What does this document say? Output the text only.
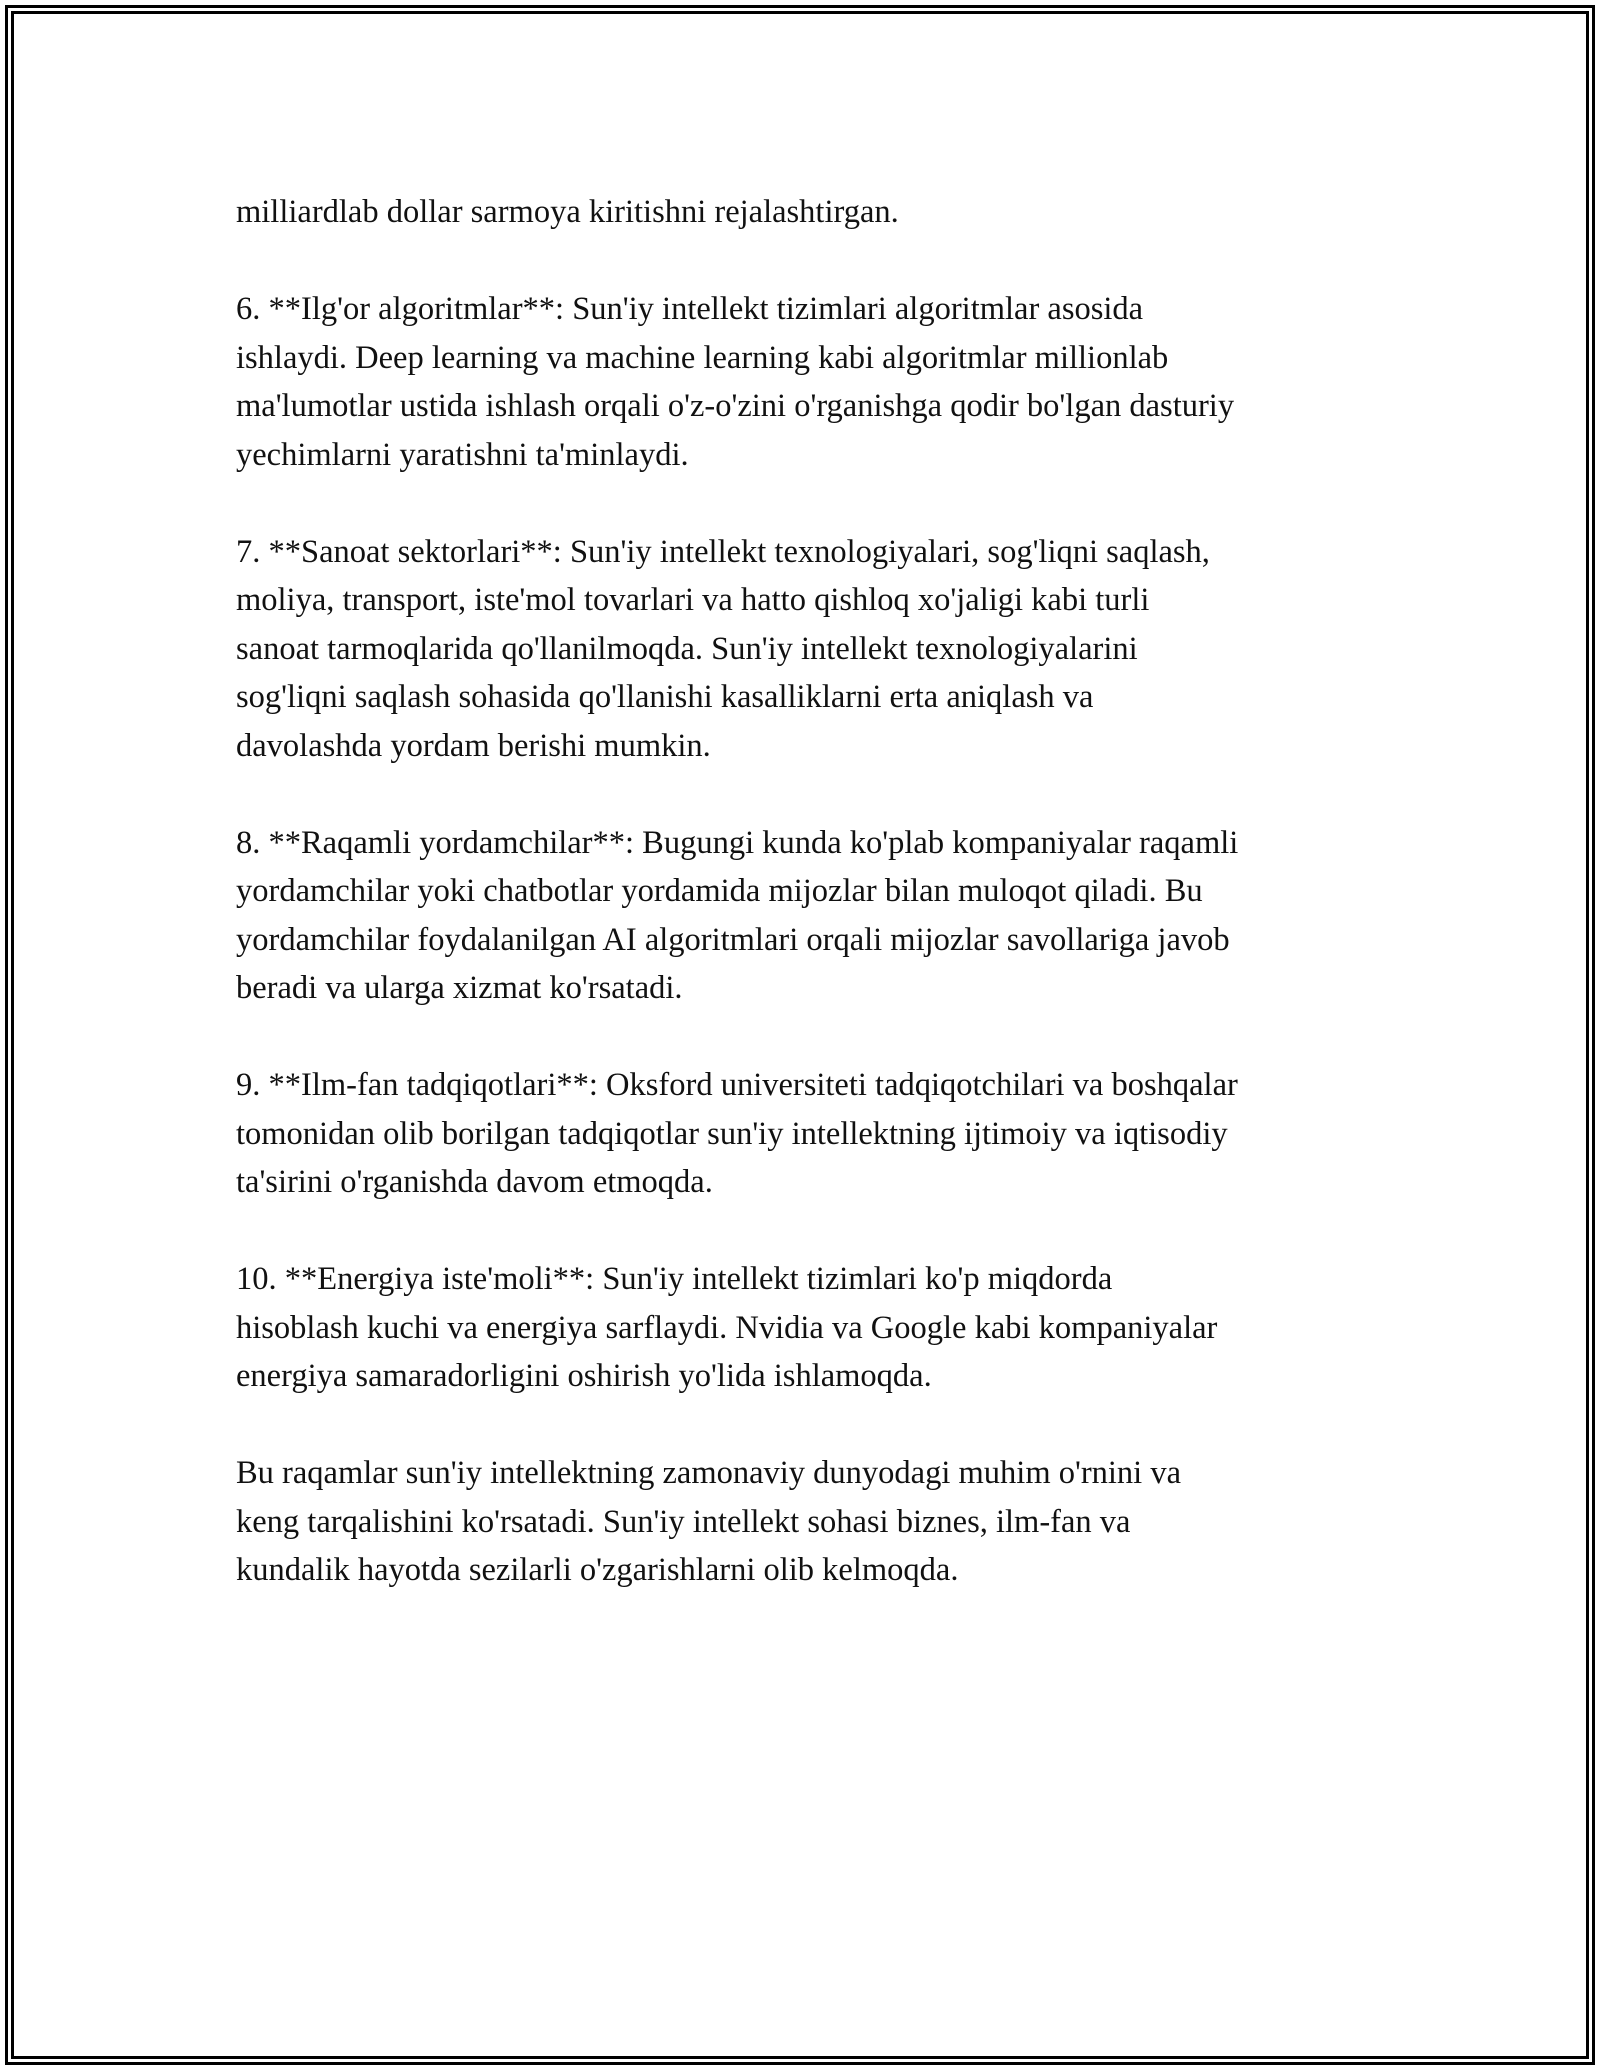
milliardlab dollar sarmoya kiritishni rejalashtirgan.

6. **Ilg'or algoritmlar**: Sun'iy intellekt tizimlari algoritmlar asosida
ishlaydi. Deep learning va machine learning kabi algoritmlar millionlab
ma'lumotlar ustida ishlash orqali o'z-o'zini o'rganishga qodir bo'lgan dasturiy
yechimlarni yaratishni ta'minlaydi.

7. **Sanoat sektorlari**: Sun'iy intellekt texnologiyalari, sog'liqni saqlash,
moliya, transport, iste'mol tovarlari va hatto qishloq xo'jaligi kabi turli
sanoat tarmoqlarida qo'llanilmoqda. Sun'iy intellekt texnologiyalarini
sog'liqni saqlash sohasida qo'llanishi kasalliklarni erta aniqlash va
davolashda yordam berishi mumkin.

8. **Raqamli yordamchilar**: Bugungi kunda ko'plab kompaniyalar raqamli
yordamchilar yoki chatbotlar yordamida mijozlar bilan muloqot qiladi. Bu
yordamchilar foydalanilgan AI algoritmlari orqali mijozlar savollariga javob
beradi va ularga xizmat ko'rsatadi.

9. **Ilm-fan tadqiqotlari**: Oksford universiteti tadqiqotchilari va boshqalar
tomonidan olib borilgan tadqiqotlar sun'iy intellektning ijtimoiy va iqtisodiy
ta'sirini o'rganishda davom etmoqda.

10. **Energiya iste'moli**: Sun'iy intellekt tizimlari ko'p miqdorda
hisoblash kuchi va energiya sarflaydi. Nvidia va Google kabi kompaniyalar
energiya samaradorligini oshirish yo'lida ishlamoqda.

Bu raqamlar sun'iy intellektning zamonaviy dunyodagi muhim o'rnini va
keng tarqalishini ko'rsatadi. Sun'iy intellekt sohasi biznes, ilm-fan va
kundalik hayotda sezilarli o'zgarishlarni olib kelmoqda.
